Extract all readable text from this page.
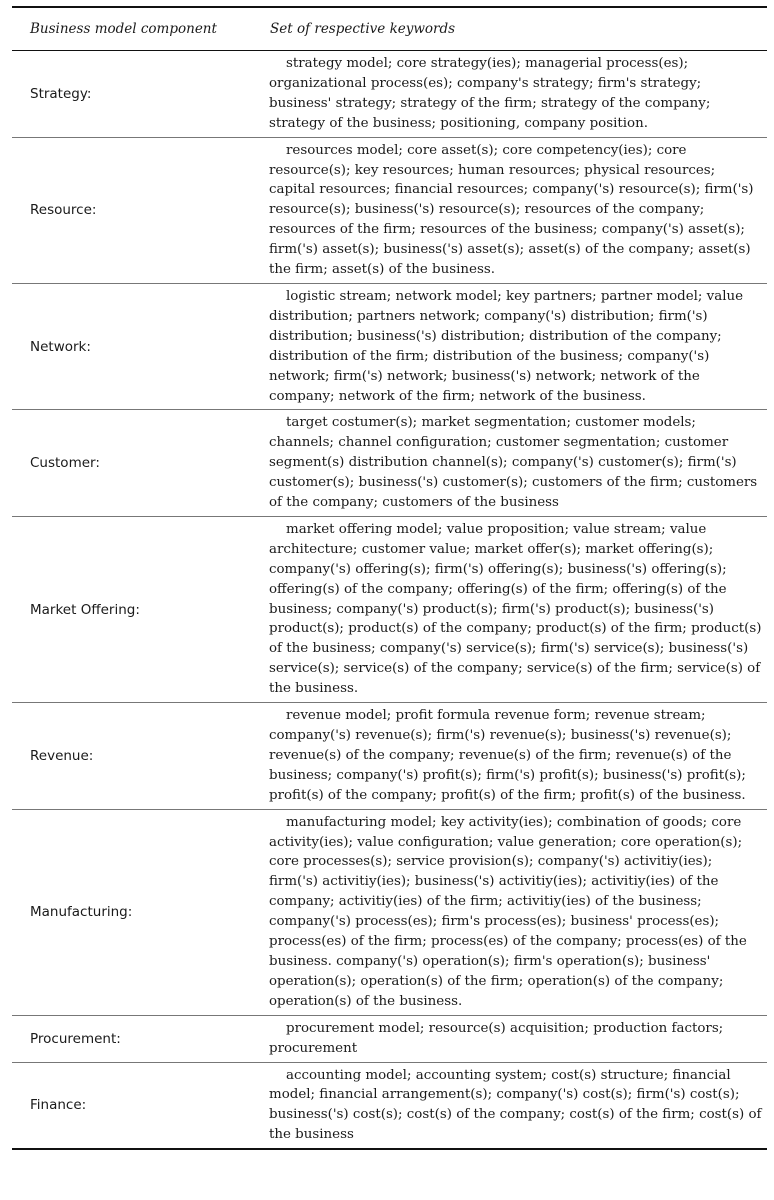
Business model component	Set of respective keywords
Strategy:
strategy model; core strategy(ies); managerial process(es); organizational process(es); company's strategy; firm's strategy; business' strategy; strategy of the firm; strategy of the company; strategy of the business; positioning, company position.
Resource:
resources model; core asset(s); core competency(ies); core resource(s); key resources; human resources; physical resources; capital resources; financial resources; company('s) resource(s); firm('s) resource(s); business('s) resource(s); resources of the company; resources of the firm; resources of the business; company('s) asset(s); firm('s) asset(s); business('s) asset(s); asset(s) of the company; asset(s) the firm; asset(s) of the business.
Network:
logistic stream; network model; key partners; partner model; value distribution; partners network; company('s) distribution; firm('s) distribution; business('s) distribution; distribution of the company; distribution of the firm; distribution of the business; company('s) network; firm('s) network; business('s) network; network of the company; network of the firm; network of the business.
Customer:
target costumer(s); market segmentation; customer models; channels; channel configuration; customer segmentation; customer segment(s) distribution channel(s); company('s) customer(s); firm('s) customer(s); business('s) customer(s); customers of the firm; customers of the company; customers of the business
Market Offering:
market offering model; value proposition; value stream; value architecture; customer value; market offer(s); market offering(s); company('s) offering(s); firm('s) offering(s); business('s) offering(s); offering(s) of the company; offering(s) of the firm; offering(s) of the business; company('s) product(s); firm('s) product(s); business('s) product(s); product(s) of the company; product(s) of the firm; product(s) of the business; company('s) service(s); firm('s) service(s); business('s) service(s); service(s) of the company; service(s) of the firm; service(s) of the business.
Revenue:
revenue model; profit formula revenue form; revenue stream; company('s) revenue(s); firm('s) revenue(s); business('s) revenue(s); revenue(s) of the company; revenue(s) of the firm; revenue(s) of the business; company('s) profit(s); firm('s) profit(s); business('s) profit(s); profit(s) of the company; profit(s) of the firm; profit(s) of the business.
Manufacturing:
manufacturing model; key activity(ies); combination of goods; core activity(ies); value configuration; value generation; core operation(s); core processes(s); service provision(s); company('s) activitiy(ies); firm('s) activitiy(ies); business('s) activitiy(ies); activitiy(ies) of the company; activitiy(ies) of the firm; activitiy(ies) of the business; company('s) process(es); firm's process(es); business' process(es); process(es) of the firm; process(es) of the company; process(es) of the business. company('s) operation(s); firm's operation(s); business' operation(s); operation(s) of the firm; operation(s) of the company; operation(s) of the business.
Procurement:
procurement model; resource(s) acquisition; production factors; procurement
Finance:
accounting model; accounting system; cost(s) structure; financial model; financial arrangement(s); company('s) cost(s); firm('s) cost(s); business('s) cost(s); cost(s) of the company; cost(s) of the firm; cost(s) of the business
